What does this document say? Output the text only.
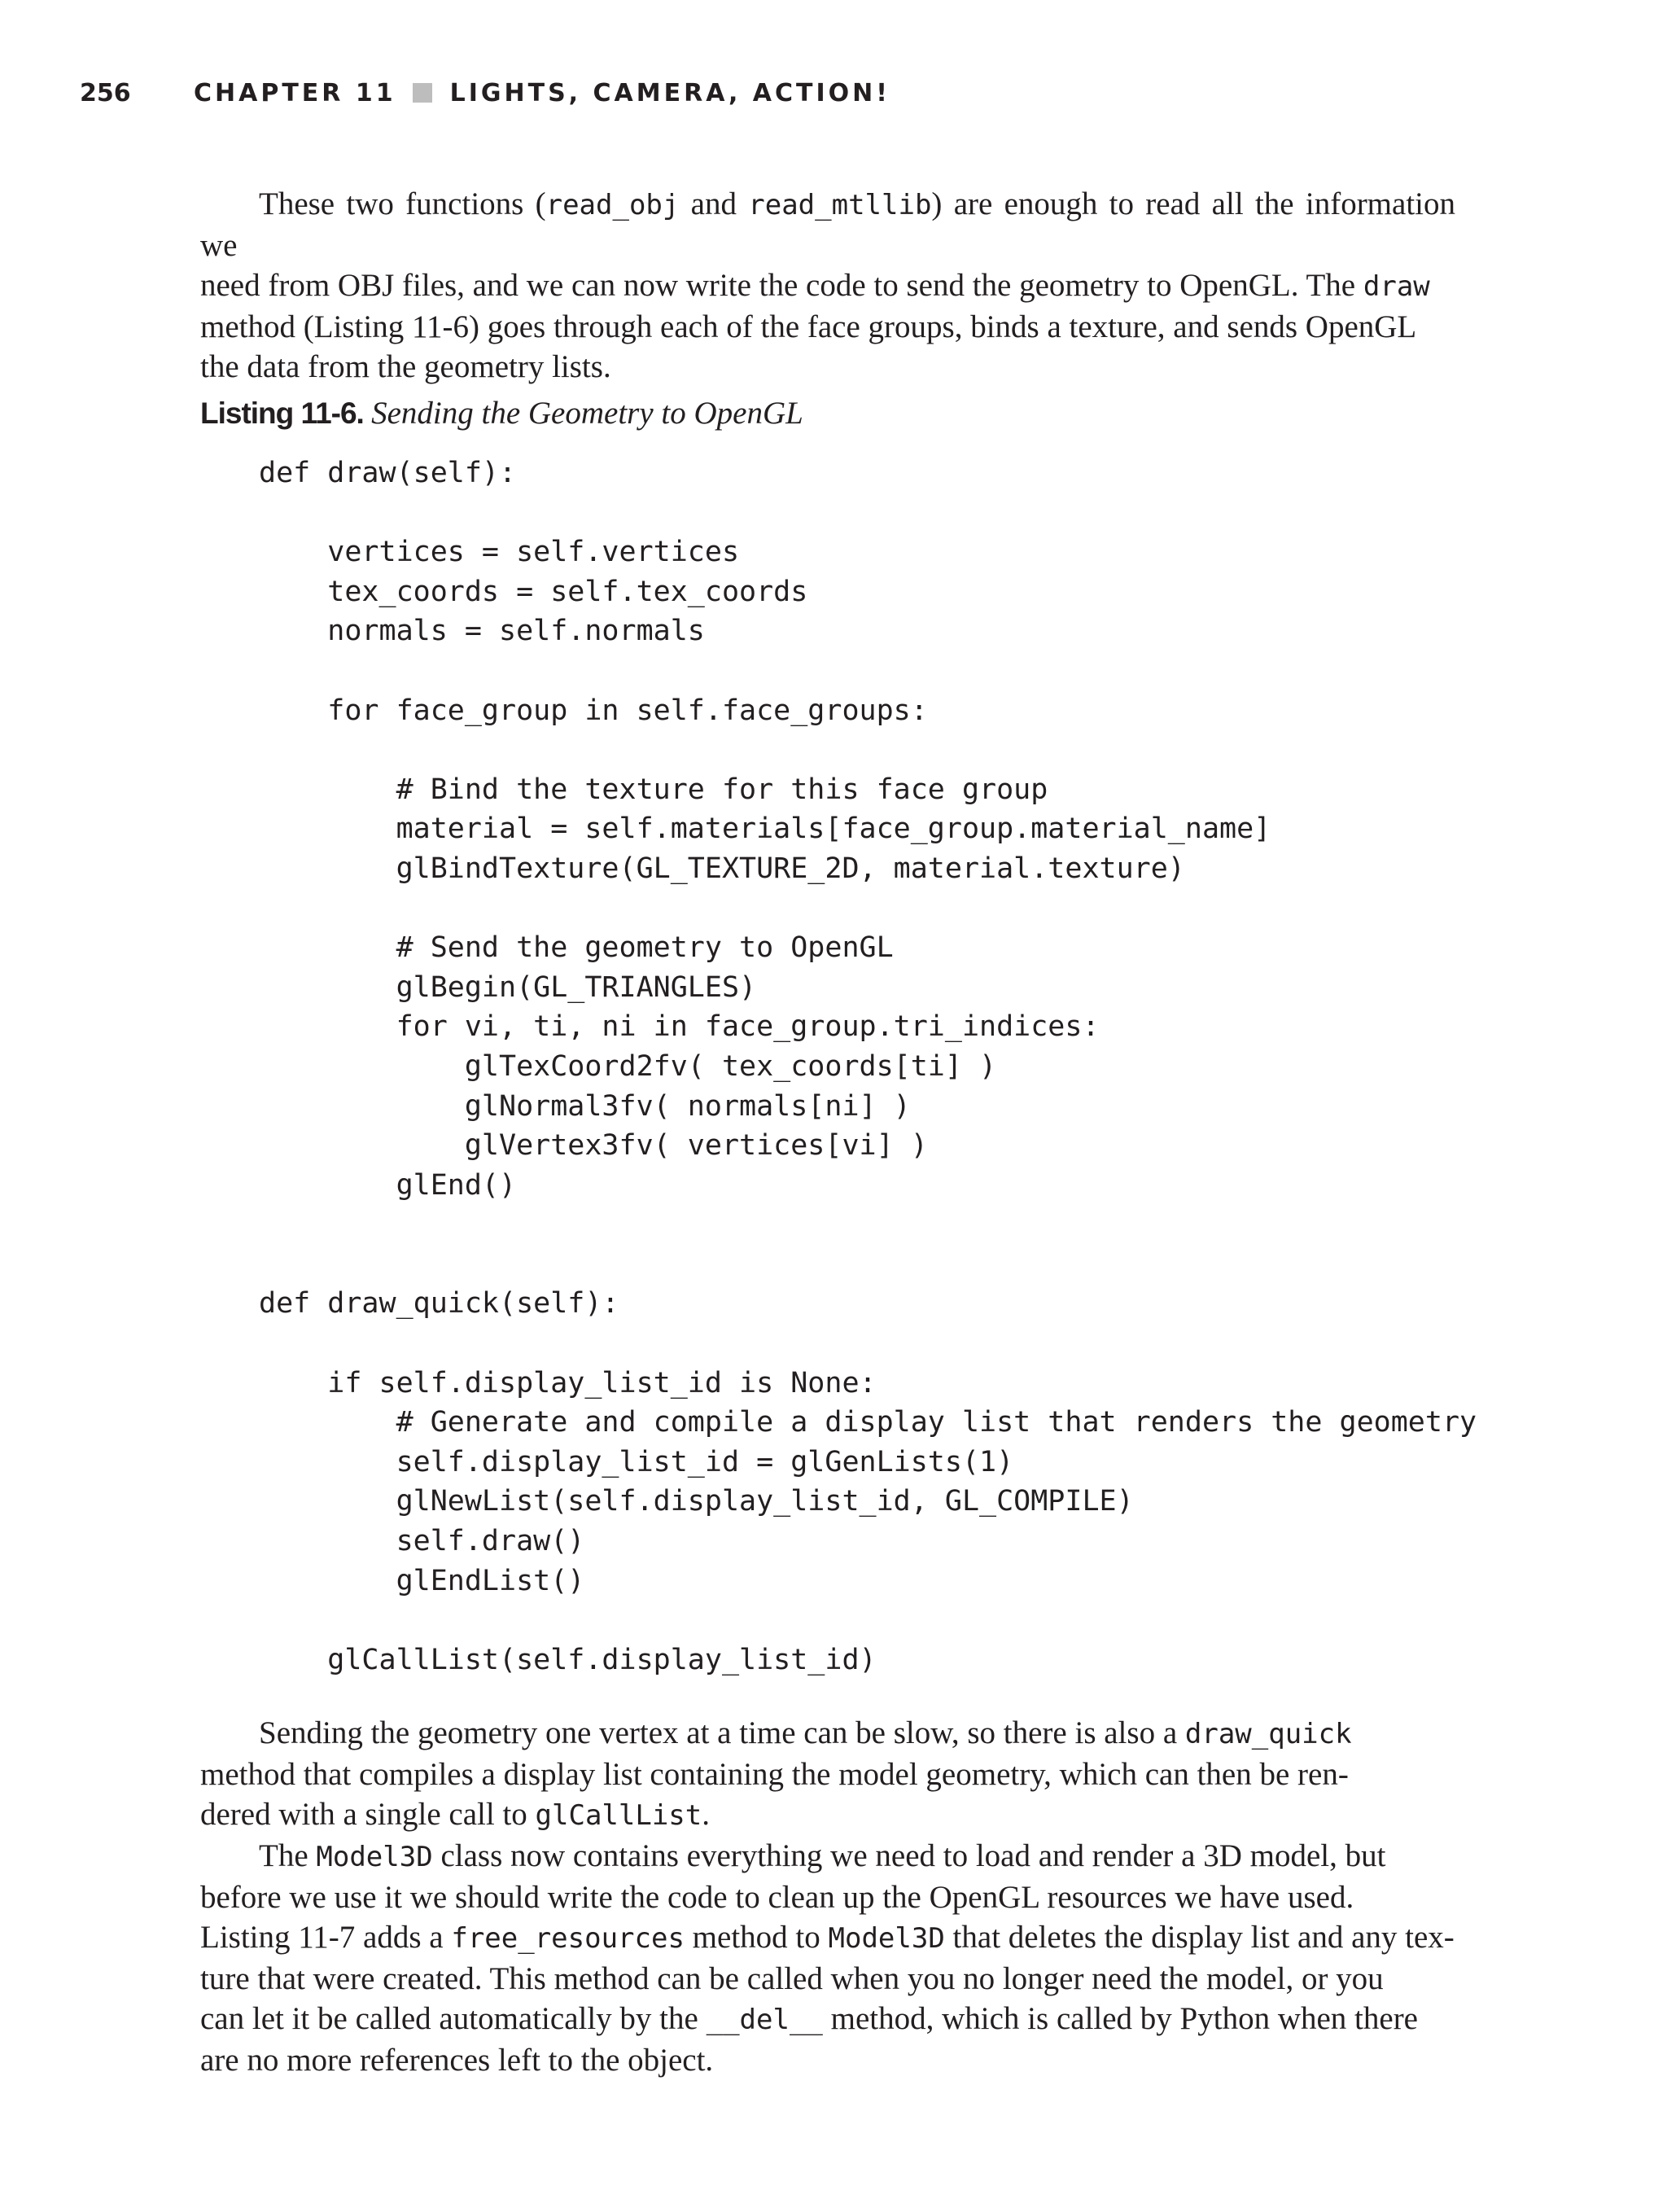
256	CHAPTER 11 LIGHTS, CAMERA, ACTION!

These two functions (read_obj and read_mtllib) are enough to read all the information we

need from OBJ files, and we can now write the code to send the geometry to OpenGL. The draw
method (Listing 11-6) goes through each of the face groups, binds a texture, and sends OpenGL
the data from the geometry lists.

Listing 11-6. Sending the Geometry to OpenGL
def draw(self):
vertices = self.vertices
tex_coords = self.tex_coords
normals = self.normals
for face_group in self.face_groups:
# Bind the texture for this face group
material = self.materials[face_group.material_name]
glBindTexture(GL_TEXTURE_2D, material.texture)
# Send the geometry to OpenGL
glBegin(GL_TRIANGLES)
for vi, ti, ni in face_group.tri_indices:
glTexCoord2fv( tex_coords[ti] )
glNormal3fv( normals[ni] )
glVertex3fv( vertices[vi] )
glEnd()
def draw_quick(self):
if self.display_list_id is None:
# Generate and compile a display list that renders the geometry
self.display_list_id = glGenLists(1)
glNewList(self.display_list_id, GL_COMPILE)
self.draw()
glEndList()
glCallList(self.display_list_id)

Sending the geometry one vertex at a time can be slow, so there is also a draw_quick

method that compiles a display list containing the model geometry, which can then be ren-
dered with a single call to glCallList.

The Model3D class now contains everything we need to load and render a 3D model, but

before we use it we should write the code to clean up the OpenGL resources we have used.
Listing 11-7 adds a free_resources method to Model3D that deletes the display list and any tex-
ture that were created. This method can be called when you no longer need the model, or you
can let it be called automatically by the __del__ method, which is called by Python when there
are no more references left to the object.
